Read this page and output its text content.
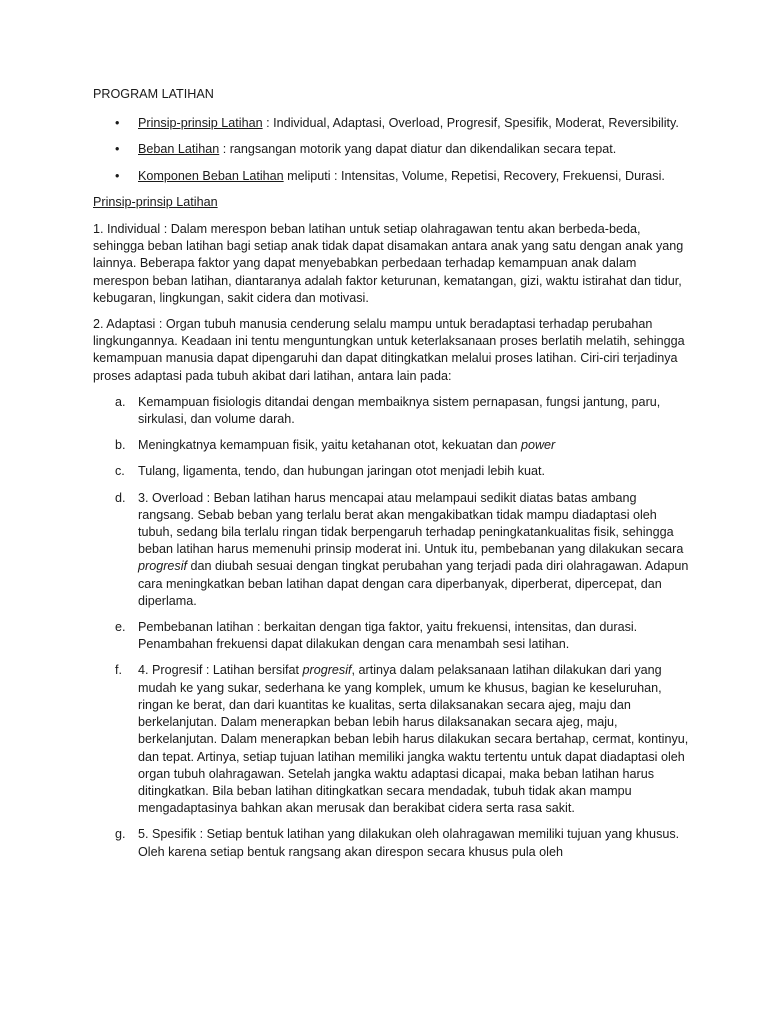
PROGRAM LATIHAN
• Prinsip-prinsip Latihan : Individual, Adaptasi, Overload, Progresif, Spesifik, Moderat, Reversibility.
• Beban Latihan : rangsangan motorik yang dapat diatur dan dikendalikan secara tepat.
• Komponen Beban Latihan meliputi : Intensitas, Volume, Repetisi, Recovery, Frekuensi, Durasi.
Prinsip-prinsip Latihan

1. Individual : Dalam merespon beban latihan untuk setiap olahragawan tentu akan berbeda-beda, sehingga beban latihan bagi setiap anak tidak dapat disamakan antara anak yang satu dengan anak yang lainnya. Beberapa faktor yang dapat menyebabkan perbedaan terhadap kemampuan anak dalam merespon beban latihan, diantaranya adalah faktor keturunan, kematangan, gizi, waktu istirahat dan tidur, kebugaran, lingkungan, sakit cidera dan motivasi.

2. Adaptasi : Organ tubuh manusia cenderung selalu mampu untuk beradaptasi terhadap perubahan lingkungannya. Keadaan ini tentu menguntungkan untuk keterlaksanaan proses berlatih melatih, sehingga kemampuan manusia dapat dipengaruhi dan dapat ditingkatkan melalui proses latihan. Ciri-ciri terjadinya proses adaptasi pada tubuh akibat dari latihan, antara lain pada:

a. Kemampuan fisiologis ditandai dengan membaiknya sistem pernapasan, fungsi jantung, paru, sirkulasi, dan volume darah.
b. Meningkatnya kemampuan fisik, yaitu ketahanan otot, kekuatan dan power
c. Tulang, ligamenta, tendo, dan hubungan jaringan otot menjadi lebih kuat.
d. 3. Overload : Beban latihan harus mencapai atau melampaui sedikit diatas batas ambang rangsang. Sebab beban yang terlalu berat akan mengakibatkan tidak mampu diadaptasi oleh tubuh, sedang bila terlalu ringan tidak berpengaruh terhadap peningkatankualitas fisik, sehingga beban latihan harus memenuhi prinsip moderat ini. Untuk itu, pembebanan yang dilakukan secara progresif dan diubah sesuai dengan tingkat perubahan yang terjadi pada diri olahragawan. Adapun cara meningkatkan beban latihan dapat dengan cara diperbanyak, diperberat, dipercepat, dan diperlama.
e. Pembebanan latihan : berkaitan dengan tiga faktor, yaitu frekuensi, intensitas, dan durasi. Penambahan frekuensi dapat dilakukan dengan cara menambah sesi latihan.
f. 4. Progresif : Latihan bersifat progresif, artinya dalam pelaksanaan latihan dilakukan dari yang mudah ke yang sukar, sederhana ke yang komplek, umum ke khusus, bagian ke keseluruhan, ringan ke berat, dan dari kuantitas ke kualitas, serta dilaksanakan secara ajeg, maju dan berkelanjutan. Dalam menerapkan beban lebih harus dilaksanakan secara ajeg, maju, berkelanjutan. Dalam menerapkan beban lebih harus dilakukan secara bertahap, cermat, kontinyu, dan tepat. Artinya, setiap tujuan latihan memiliki jangka waktu tertentu untuk dapat diadaptasi oleh organ tubuh olahragawan. Setelah jangka waktu adaptasi dicapai, maka beban latihan harus ditingkatkan. Bila beban latihan ditingkatkan secara mendadak, tubuh tidak akan mampu mengadaptasinya bahkan akan merusak dan berakibat cidera serta rasa sakit.
g. 5. Spesifik : Setiap bentuk latihan yang dilakukan oleh olahragawan memiliki tujuan yang khusus. Oleh karena setiap bentuk rangsang akan direspon secara khusus pula oleh
